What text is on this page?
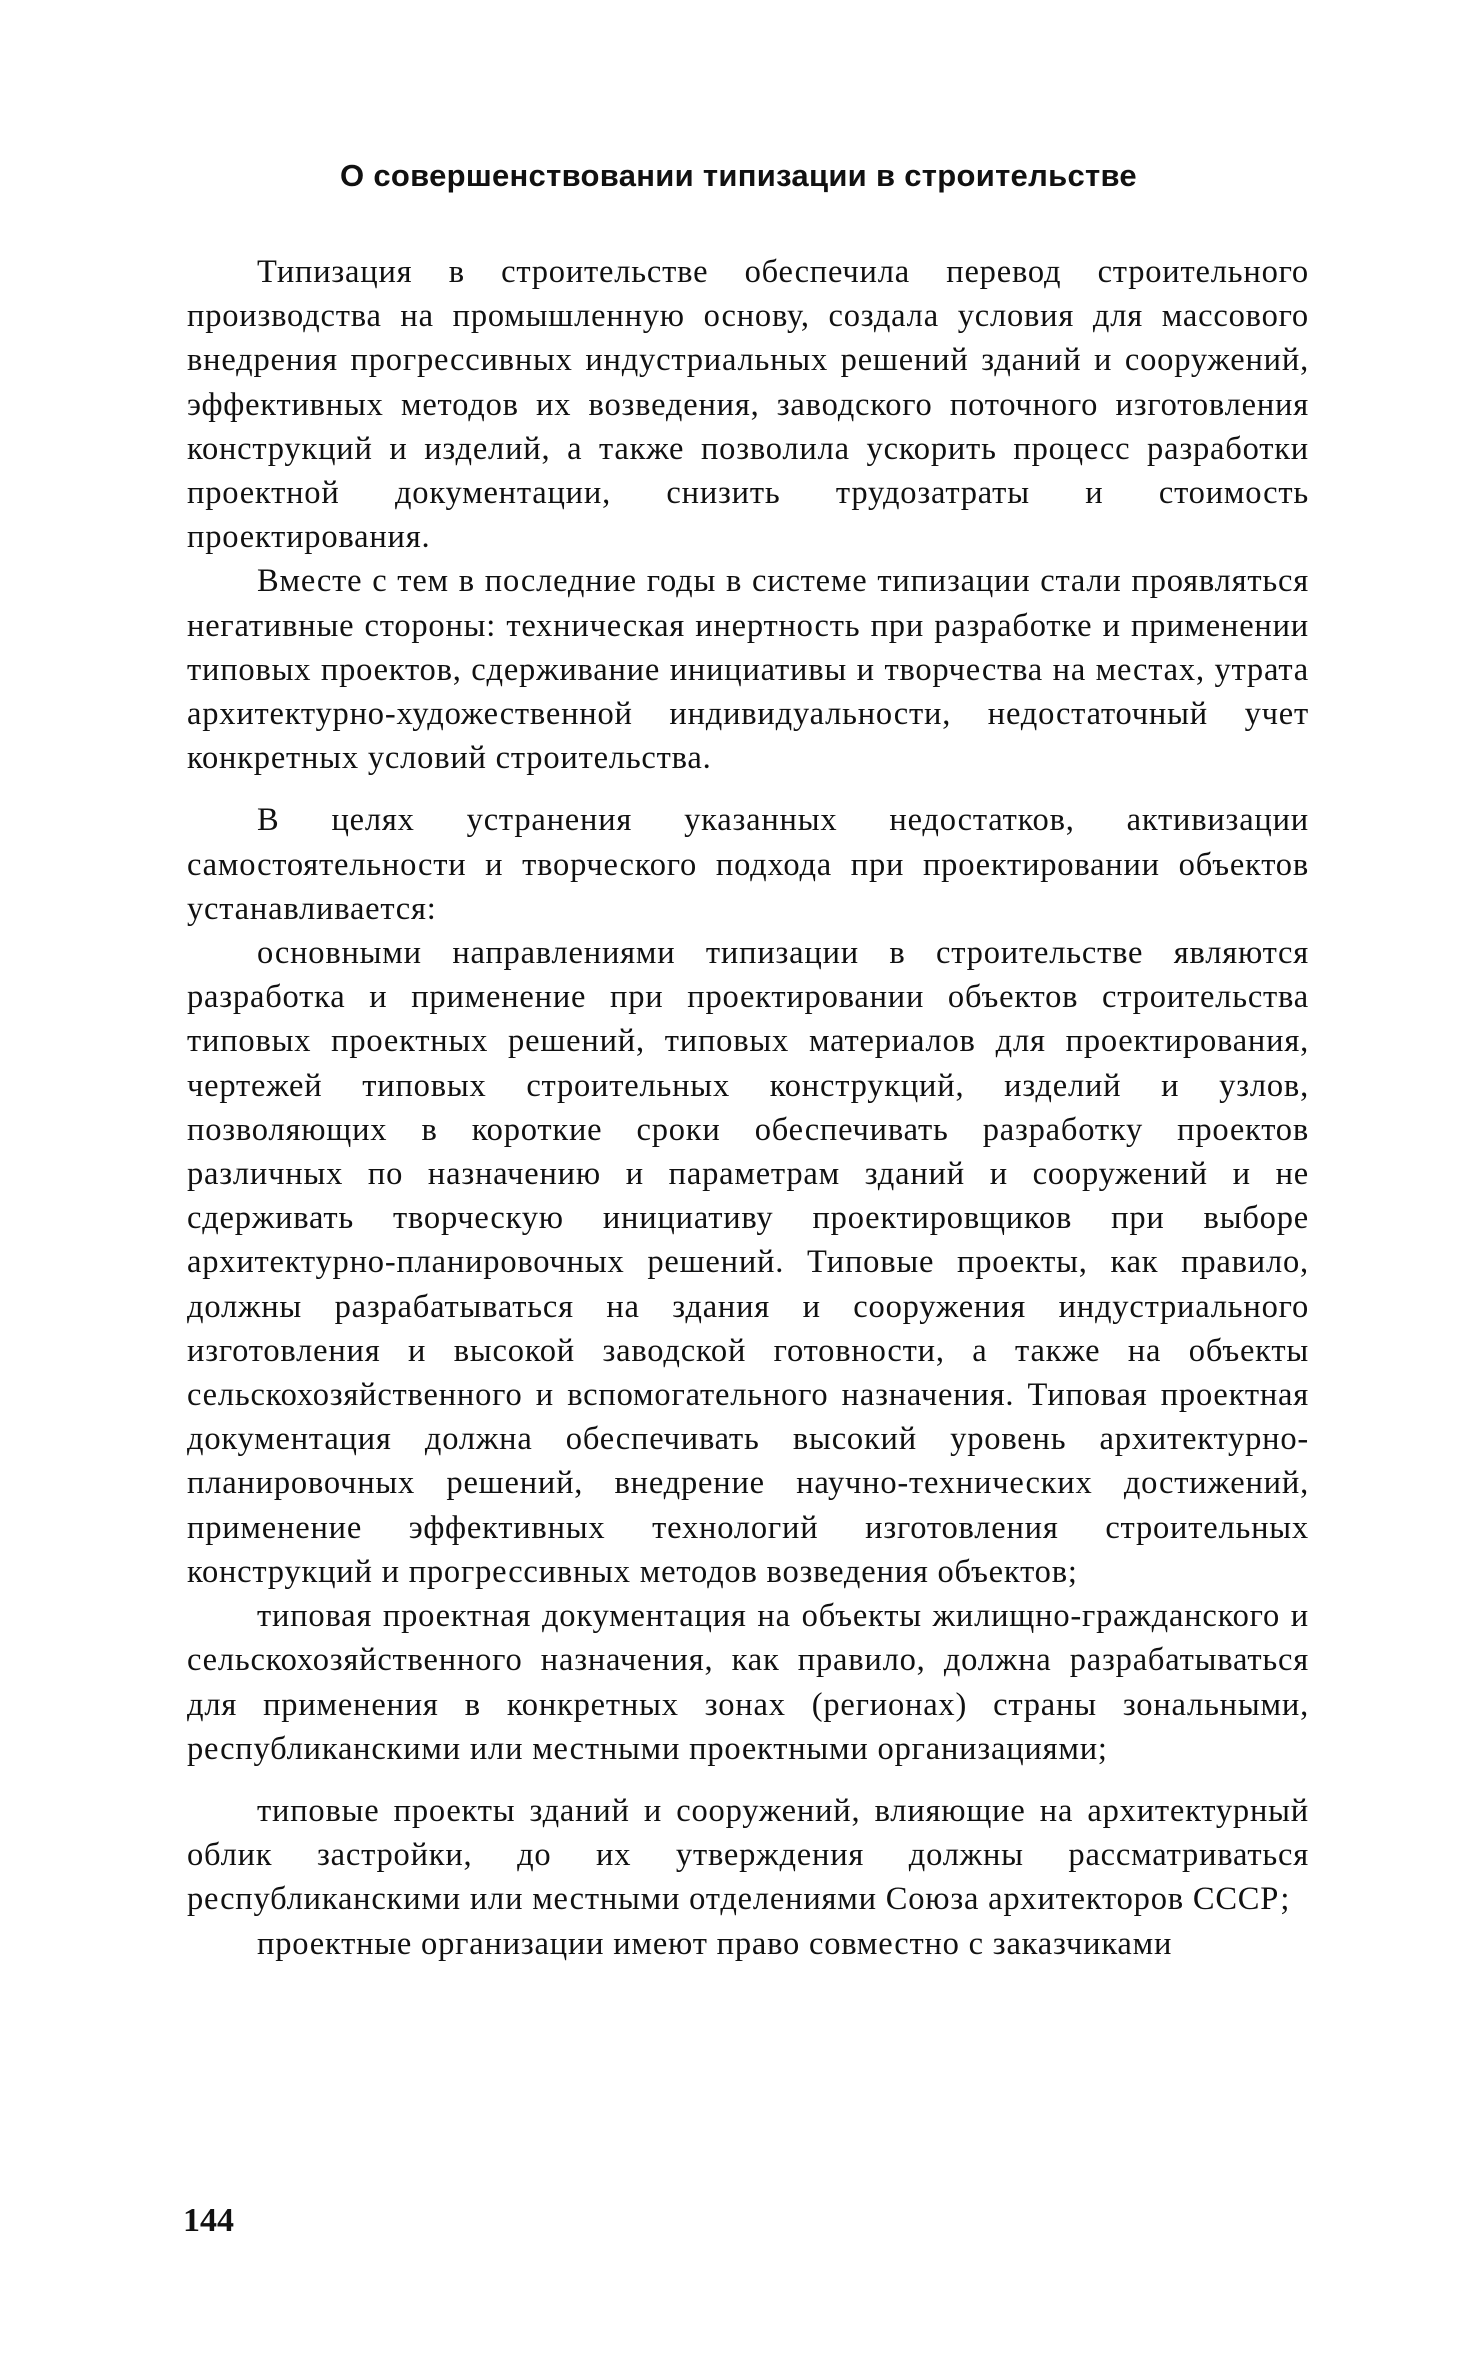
О совершенствовании типизации в строительстве

Типизация в строительстве обеспечила перевод строительного производства на промышленную основу, создала условия для массового внедрения прогрессивных индустриальных решений зданий и сооружений, эффективных методов их возведения, заводского поточного изготовления конструкций и изделий, а также позволила ускорить процесс разработки проектной документации, снизить трудозатраты и стоимость проектирования.

Вместе с тем в последние годы в системе типизации стали проявляться негативные стороны: техническая инертность при разработке и применении типовых проектов, сдерживание инициативы и творчества на местах, утрата архитектурно-художественной индивидуальности, недостаточный учет конкретных условий строительства.

В целях устранения указанных недостатков, активизации самостоятельности и творческого подхода при проектировании объектов устанавливается:

основными направлениями типизации в строительстве являются разработка и применение при проектировании объектов строительства типовых проектных решений, типовых материалов для проектирования, чертежей типовых строительных конструкций, изделий и узлов, позволяющих в короткие сроки обеспечивать разработку проектов различных по назначению и параметрам зданий и сооружений и не сдерживать творческую инициативу проектировщиков при выборе архитектурно-планировочных решений. Типовые проекты, как правило, должны разрабатываться на здания и сооружения индустриального изготовления и высокой заводской готовности, а также на объекты сельскохозяйственного и вспомогательного назначения. Типовая проектная документация должна обеспечивать высокий уровень архитектурно-планировочных решений, внедрение научно-технических достижений, применение эффективных технологий изготовления строительных конструкций и прогрессивных методов возведения объектов;

типовая проектная документация на объекты жилищно-гражданского и сельскохозяйственного назначения, как правило, должна разрабатываться для применения в конкретных зонах (регионах) страны зональными, республиканскими или местными проектными организациями;

типовые проекты зданий и сооружений, влияющие на архитектурный облик застройки, до их утверждения должны рассматриваться республиканскими или местными отделениями Союза архитекторов СССР;

проектные организации имеют право совместно с заказчиками

144
